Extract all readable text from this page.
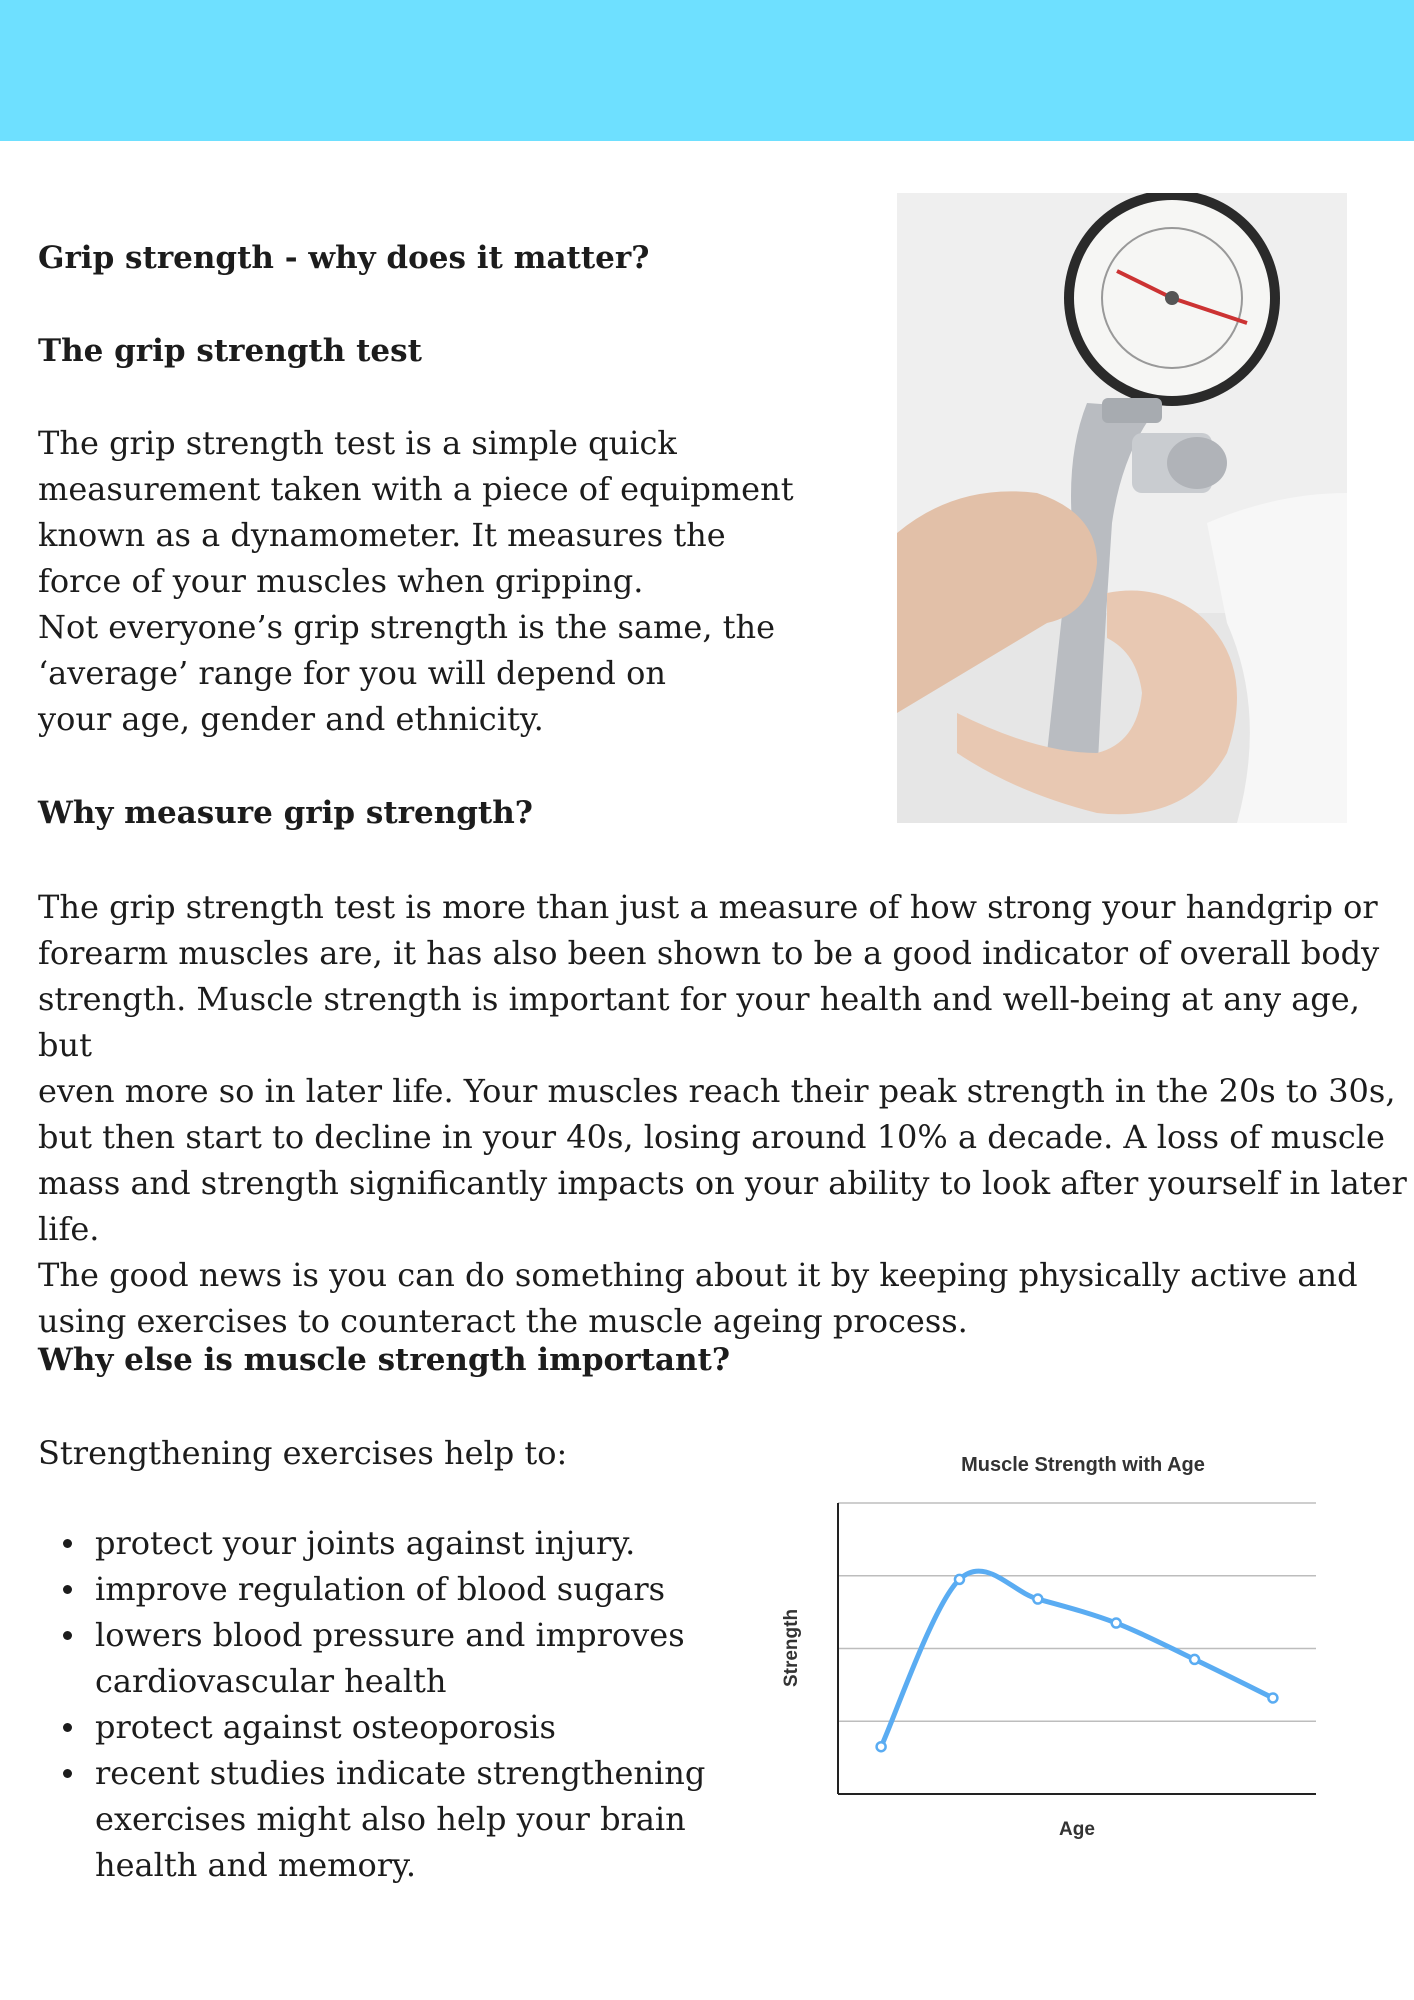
Grip strength - why does it matter?
The grip strength test

The grip strength test is a simple quick
measurement taken with a piece of equipment
known as a dynamometer. It measures the
force of your muscles when gripping.
Not everyone’s grip strength is the same, the
‘average’ range for you will depend on
your age, gender and ethnicity.

Why measure grip strength?

The grip strength test is more than just a measure of how strong your handgrip or
forearm muscles are, it has also been shown to be a good indicator of overall body
strength. Muscle strength is important for your health and well-being at any age, but
even more so in later life. Your muscles reach their peak strength in the 20s to 30s,
but then start to decline in your 40s, losing around 10% a decade. A loss of muscle
mass and strength significantly impacts on your ability to look after yourself in later
life.
The good news is you can do something about it by keeping physically active and
using exercises to counteract the muscle ageing process.

Why else is muscle strength important?

Strengthening exercises help to:

protect your joints against injury.
improve regulation of blood sugars
lowers blood pressure and improves
cardiovascular health
protect against osteoporosis
recent studies indicate strengthening
exercises might also help your brain
health and memory.
Muscle Strength with Age
Age
Strength
